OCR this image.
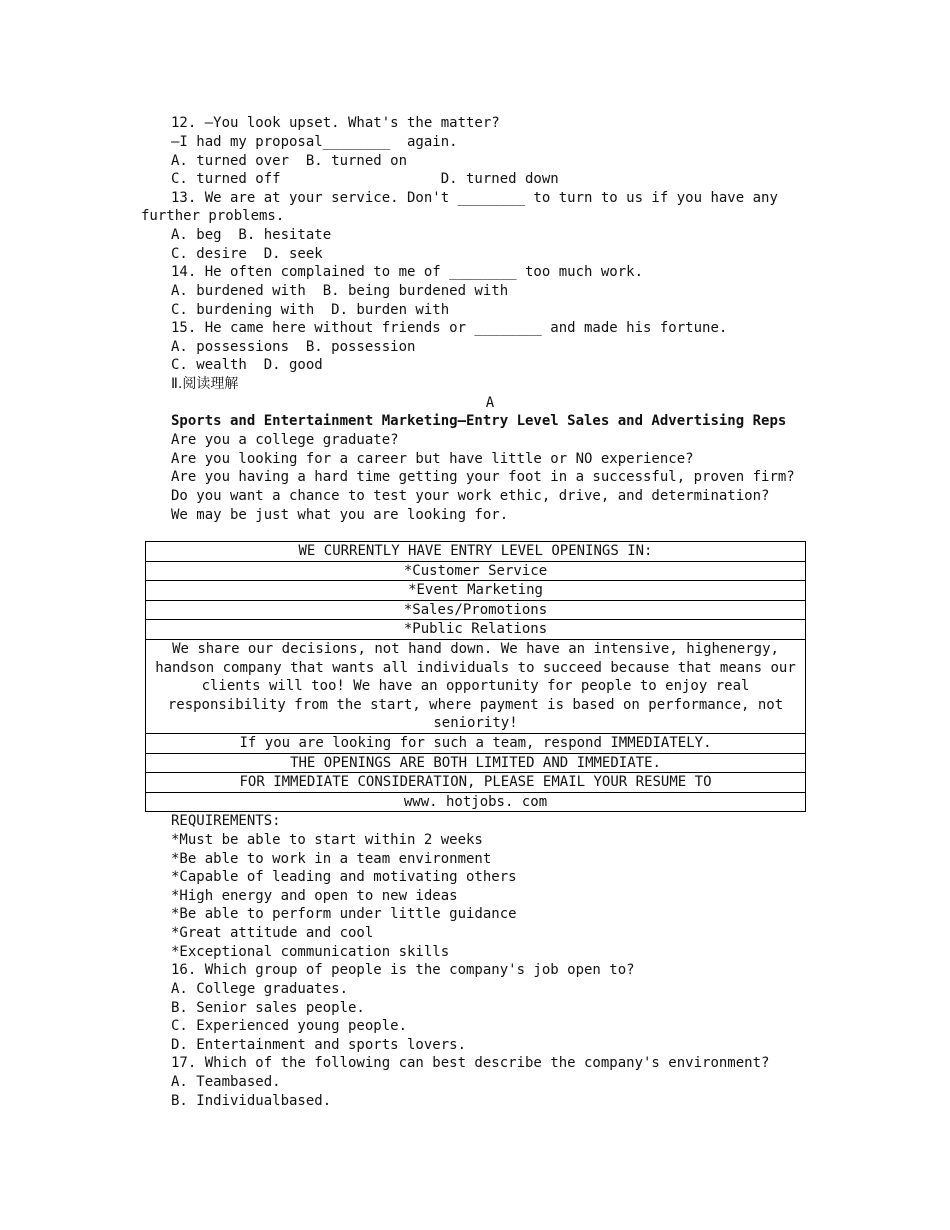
12. —You look upset. What's the matter?
—I had my proposal________  again.
A. turned over  B. turned on
C. turned off                   D. turned down
13. We are at your service. Don't ________ to turn to us if you have any
further problems.
A. beg  B. hesitate
C. desire  D. seek
14. He often complained to me of ________ too much work.
A. burdened with  B. being burdened with
C. burdening with  D. burden with
15. He came here without friends or ________ and made his fortune.
A. possessions  B. possession
C. wealth  D. good
Ⅱ.阅读理解
A
Sports and Entertainment Marketing—Entry Level Sales and Advertising Reps
Are you a college graduate?
Are you looking for a career but have little or NO experience?
Are you having a hard time getting your foot in a successful, proven firm?
Do you want a chance to test your work ethic, drive, and determination?
We may be just what you are looking for.
WE CURRENTLY HAVE ENTRY LEVEL OPENINGS IN:
*Customer Service
*Event Marketing
*Sales/Promotions
*Public Relations
We share our decisions, not hand down. We have an intensive, highenergy, handson company that wants all individuals to succeed because that means our clients will too! We have an opportunity for people to enjoy real responsibility from the start, where payment is based on performance, not seniority!
If you are looking for such a team, respond IMMEDIATELY.
THE OPENINGS ARE BOTH LIMITED AND IMMEDIATE.
FOR IMMEDIATE CONSIDERATION, PLEASE EMAIL YOUR RESUME TO
www. hotjobs. com
REQUIREMENTS:
*Must be able to start within 2 weeks
*Be able to work in a team environment
*Capable of leading and motivating others
*High energy and open to new ideas
*Be able to perform under little guidance
*Great attitude and cool
*Exceptional communication skills
16. Which group of people is the company's job open to?
A. College graduates.
B. Senior sales people.
C. Experienced young people.
D. Entertainment and sports lovers.
17. Which of the following can best describe the company's environment?
A. Teambased.
B. Individualbased.
